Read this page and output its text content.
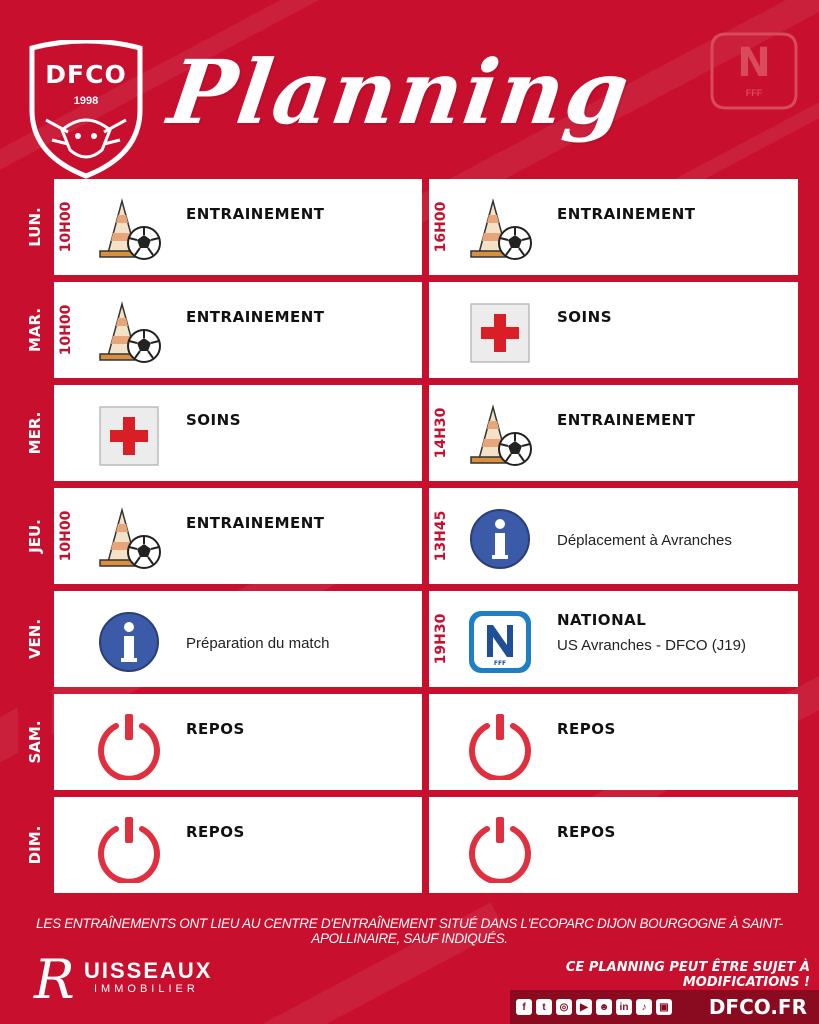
DFCO
1998 Planning	N
FFF
LUN. 10H00	ENTRAINEMENT	16H00	ENTRAINEMENT
MAR. 10H00	ENTRAINEMENT	SOINS
MER.	SOINS	14H30	ENTRAINEMENT
JEU. 10H00	ENTRAINEMENT	13H45	Déplacement à Avranches
VEN.	Préparation du match	19H30	FFF
NATIONAL
US Avranches - DFCO (J19)
SAM.	REPOS	REPOS
DIM.	REPOS	REPOS
LES ENTRAÎNEMENTS ONT LIEU AU CENTRE D'ENTRAÎNEMENT SITUÉ DANS L'ECOPARC DIJON BOURGOGNE À SAINT-APOLLINAIRE, SAUF INDIQUÉS.
R UISSEAUX
IMMOBILIER
CE PLANNING PEUT ÊTRE SUJET À MODIFICATIONS !
f	t	◎	▶	☻	in	♪	▣ DFCO.FR
